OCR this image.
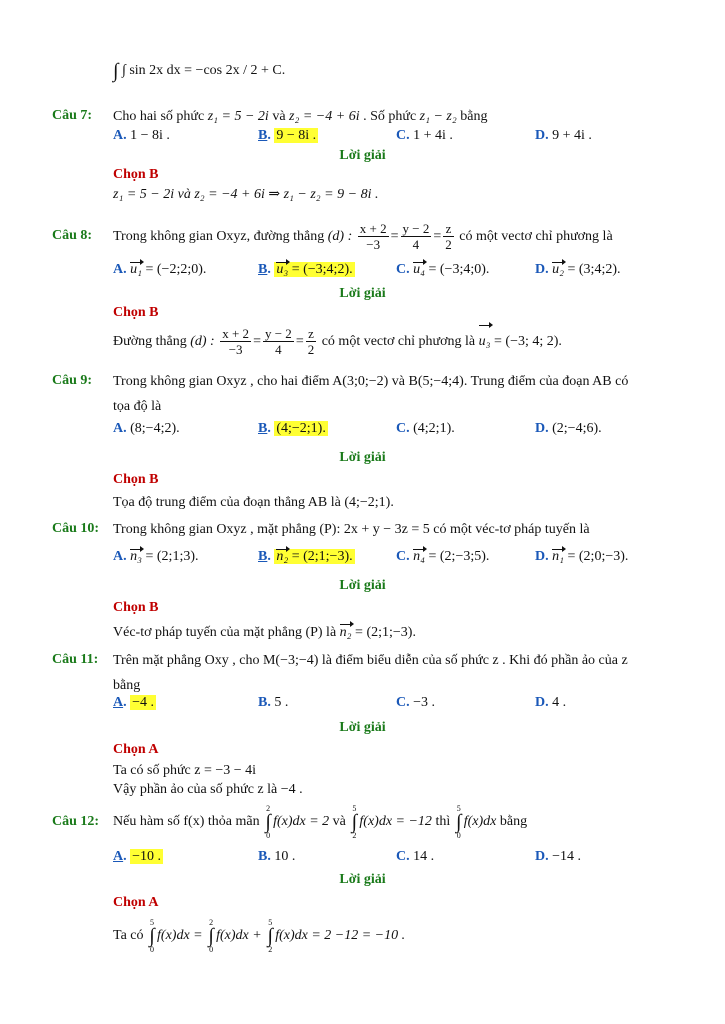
∫ ∫ sin 2x dx = −cos 2x / 2 + C.
Câu 7: Cho hai số phức z₁ = 5 − 2i và z₂ = −4 + 6i . Số phức z₁ − z₂ bằng
A. 1 − 8i .	B. 9 − 8i .	C. 1 + 4i .	D. 9 + 4i .
Lời giải
Chọn B
z₁ = 5 − 2i và z₂ = −4 + 6i ⇒ z₁ − z₂ = 9 − 8i .
Câu 8: Trong không gian Oxyz, đường thẳng (d) : $\frac{x + 2}{-3} = \frac{y - 2}{4} = \frac{z}{2}$ có một vectơ chỉ phương là
A. u₁ = (−2;2;0).	B. u₃ = (−3;4;2).	C. u₄ = (−3;4;0).	D. u₂ = (3;4;2).
Lời giải
Chọn B
Đường thẳng (d) : $\frac{x + 2}{-3} = \frac{y - 2}{4} = \frac{z}{2}$ có một vectơ chỉ phương là u₃ = (−3; 4; 2).
Câu 9: Trong không gian Oxyz , cho hai điểm A(3;0;−2) và B(5;−4;4). Trung điểm của đoạn AB có
tọa độ là
A. (8;−4;2).	B. (4;−2;1).	C. (4;2;1).	D. (2;−4;6).
Lời giải
Chọn B
Tọa độ trung điểm của đoạn thẳng AB là (4;−2;1).
Câu 10: Trong không gian Oxyz , mặt phẳng (P): 2x + y − 3z = 5 có một véc-tơ pháp tuyến là
A. n₃ = (2;1;3).	B. n₂ = (2;1;−3).	C. n₄ = (2;−3;5).	D. n₁ = (2;0;−3).
Lời giải
Chọn B
Véc-tơ pháp tuyến của mặt phẳng (P) là n₂ = (2;1;−3).
Câu 11: Trên mặt phẳng Oxy , cho M(−3;−4) là điểm biểu diễn của số phức z . Khi đó phần ảo của z
bằng
A. −4 .	B. 5 .	C. −3 .	D. 4 .
Lời giải
Chọn A
Ta có số phức z = −3 − 4i
Vậy phần ảo của số phức z là −4 .
Câu 12: Nếu hàm số f(x) thỏa mãn 2
∫
0f(x)dx = 2 và 5
∫
2f(x)dx = −12 thì 5
∫
0f(x)dx bằng
A. −10 .	B. 10 .	C. 14 .	D. −14 .
Lời giải
Chọn A
Ta có 5
∫
0f(x)dx = 2
∫
0f(x)dx + 5
∫
2f(x)dx = 2 −12 = −10 .
